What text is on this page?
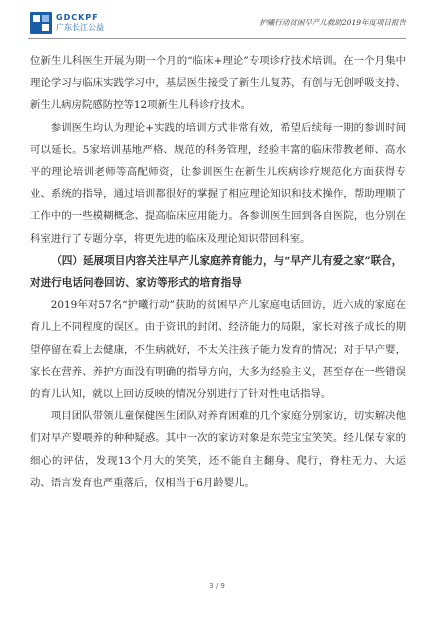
GDCKPF
广东长江公益
护曦行动贫困早产儿救助2019年度项目报告

位新生儿科医生开展为期一个月的“临床+理论”专项诊疗技术培训。在一个月集中理论学习与临床实践学习中，基层医生接受了新生儿复苏，有创与无创呼吸支持、新生儿病房院感防控等12项新生儿科诊疗技术。

参训医生均认为理论+实践的培训方式非常有效，希望后续每一期的参训时间可以延长。5家培训基地严格、规范的科务管理，经验丰富的临床带教老师、高水平的理论培训老师等高配师资，让参训医生在新生儿疾病诊疗规范化方面获得专业、系统的指导，通过培训都很好的掌握了相应理论知识和技术操作，帮助理顺了工作中的一些模糊概念、提高临床应用能力。各参训医生回到各自医院，也分别在科室进行了专题分享，将更先进的临床及理论知识带回科室。

（四）延展项目内容关注早产儿家庭养育能力，与“早产儿有爱之家”联合，对进行电话问卷回访、家访等形式的培育指导

2019年对57名“护曦行动”获助的贫困早产儿家庭电话回访，近六成的家庭在育儿上不同程度的误区。由于资讯的封闭、经济能力的局限，家长对孩子成长的期望停留在看上去健康，不生病就好，不太关注孩子能力发育的情况；对于早产婴，家长在营养、养护方面没有明确的指导方向，大多为经验主义，甚至存在一些错误的育儿认知，就以上回访反映的情况分别进行了针对性电话指导。

项目团队带领儿童保健医生团队对养育困难的几个家庭分别家访，切实解决他们对早产婴喂养的种种疑惑。其中一次的家访对象是东莞宝宝笑笑。经儿保专家的细心的评估，发现13个月大的笑笑，还不能自主翻身、爬行，脊柱无力、大运动、语言发育也严重落后，仅相当于6月龄婴儿。

3 / 9
